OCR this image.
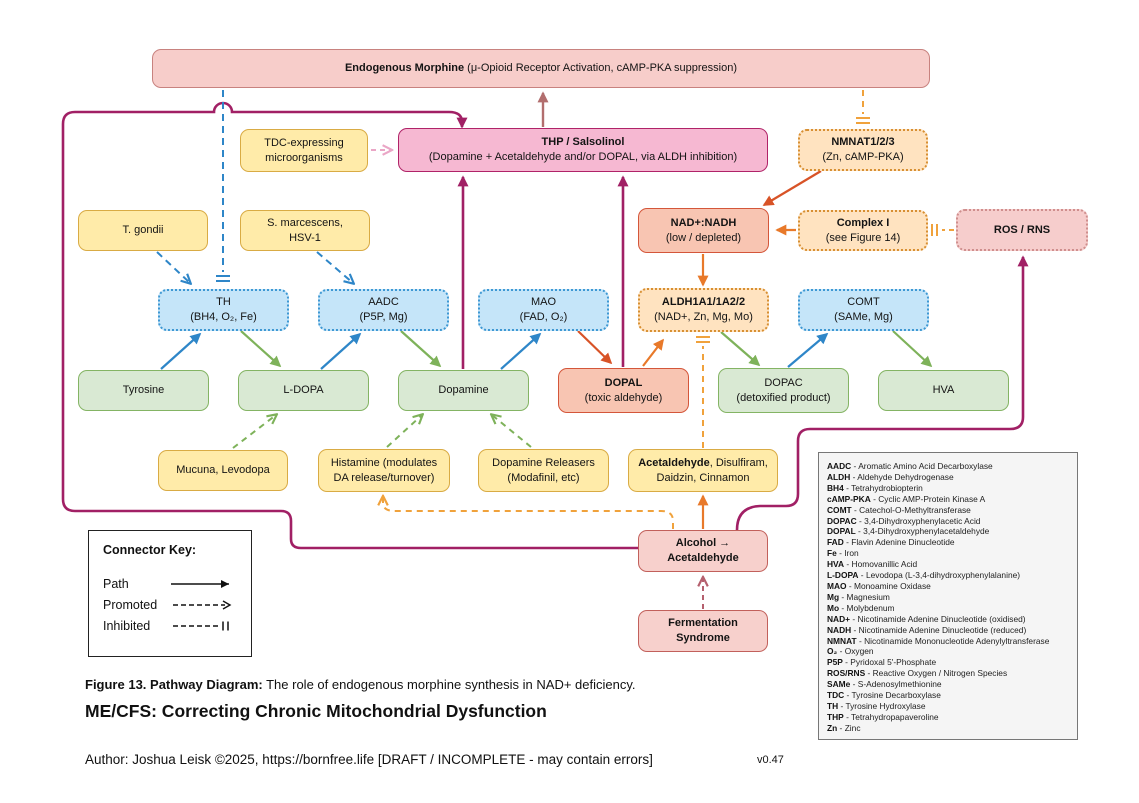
Endogenous Morphine (μ-Opioid Receptor Activation, cAMP-PKA suppression)
TDC-expressing
microorganisms
THP / Salsolinol
(Dopamine + Acetaldehyde and/or DOPAL, via ALDH inhibition)
NMNAT1/2/3
(Zn, cAMP-PKA)
T. gondii
S. marcescens,
HSV-1
NAD+:NADH
(low / depleted)
Complex I
(see Figure 14)
ROS / RNS
TH
(BH4, O₂, Fe)
AADC
(P5P, Mg)
MAO
(FAD, O₂)
ALDH1A1/1A2/2
(NAD+, Zn, Mg, Mo)
COMT
(SAMe, Mg)
Tyrosine	L-DOPA	Dopamine
DOPAL
(toxic aldehyde)
DOPAC
(detoxified product)
HVA
Mucuna, Levodopa
Histamine (modulates
DA release/turnover)
Dopamine Releasers
(Modafinil, etc)
Acetaldehyde, Disulfiram,
Daidzin, Cinnamon
Alcohol →
Acetaldehyde
Fermentation
Syndrome
Connector Key:
Path
Promoted
Inhibited
AADC - Aromatic Amino Acid Decarboxylase
ALDH - Aldehyde Dehydrogenase
BH4 - Tetrahydrobiopterin
cAMP-PKA - Cyclic AMP-Protein Kinase A
COMT - Catechol-O-Methyltransferase
DOPAC - 3,4-Dihydroxyphenylacetic Acid
DOPAL - 3,4-Dihydroxyphenylacetaldehyde
FAD - Flavin Adenine Dinucleotide
Fe - Iron
HVA - Homovanillic Acid
L-DOPA - Levodopa (L-3,4-dihydroxyphenylalanine)
MAO - Monoamine Oxidase
Mg - Magnesium
Mo - Molybdenum
NAD+ - Nicotinamide Adenine Dinucleotide (oxidised)
NADH - Nicotinamide Adenine Dinucleotide (reduced)
NMNAT - Nicotinamide Mononucleotide Adenylyltransferase
O₂ - Oxygen
P5P - Pyridoxal 5'-Phosphate
ROS/RNS - Reactive Oxygen / Nitrogen Species
SAMe - S-Adenosylmethionine
TDC - Tyrosine Decarboxylase
TH - Tyrosine Hydroxylase
THP - Tetrahydropapaveroline
Zn - Zinc
Figure 13. Pathway Diagram: The role of endogenous morphine synthesis in NAD+ deficiency.
ME/CFS: Correcting Chronic Mitochondrial Dysfunction
Author: Joshua Leisk ©2025, https://bornfree.life [DRAFT / INCOMPLETE - may contain errors]	v0.47
